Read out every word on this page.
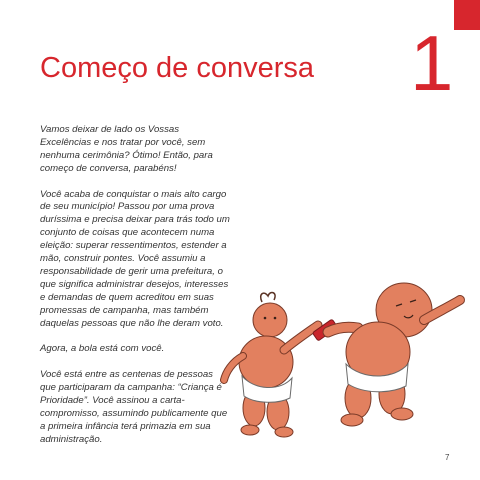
1
Começo de conversa

Vamos deixar de lado os Vossas Excelências e nos tratar por você, sem nenhuma cerimônia? Ótimo! Então, para começo de conversa, parabéns!

Você acaba de conquistar o mais alto cargo de seu município! Passou por uma prova duríssima e precisa deixar para trás todo um conjunto de coisas que acontecem numa eleição: superar ressentimentos, estender a mão, construir pontes. Você assumiu a responsabilidade de gerir uma prefeitura, o que significa administrar desejos, interesses e demandas de quem acreditou em suas promessas de campanha, mas também daquelas pessoas que não lhe deram voto.

Agora, a bola está com você.

Você está entre as centenas de pessoas que participaram da campanha: “Criança é Prioridade”. Você assinou a carta-compromisso, assumindo publicamente que a primeira infância terá primazia em sua administração.

7
